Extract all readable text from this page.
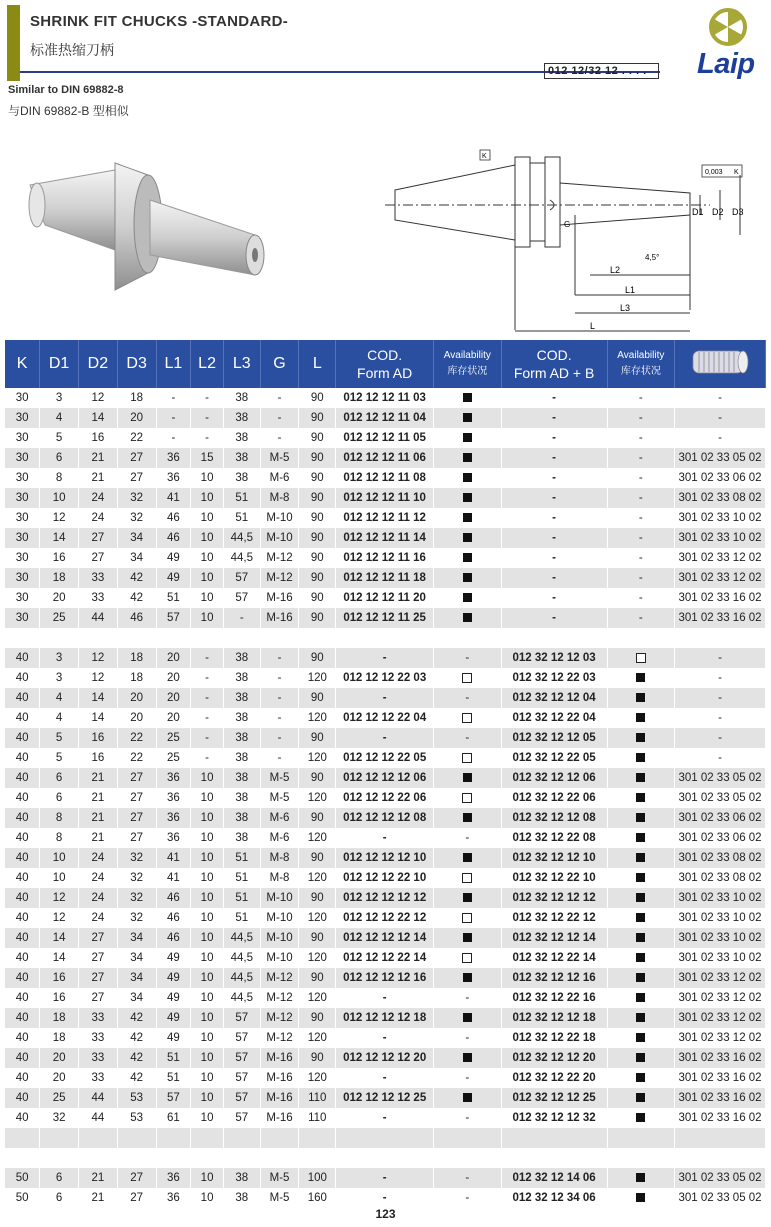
SHRINK FIT CHUCKS -STANDARD-
标准热缩刀柄
012 12/32 12 . . . .	Laip
Similar to DIN 69882-8
与DIN 69882-B 型相似
K
0,003 K
D1 D2 D3
G
4,5°
L2
L1
L3
L
K	D1	D2	D3	L1	L2	L3	G	L	COD.
Form AD	Availability
库存状况	COD.
Form AD + B	Availability
库存状况	
30	3	12	18	-	-	38	-	90	012 12 12 11 03		-	-	-
30	4	14	20	-	-	38	-	90	012 12 12 11 04		-	-	-
30	5	16	22	-	-	38	-	90	012 12 12 11 05		-	-	-
30	6	21	27	36	15	38	M-5	90	012 12 12 11 06		-	-	301 02 33 05 02
30	8	21	27	36	10	38	M-6	90	012 12 12 11 08		-	-	301 02 33 06 02
30	10	24	32	41	10	51	M-8	90	012 12 12 11 10		-	-	301 02 33 08 02
30	12	24	32	46	10	51	M-10	90	012 12 12 11 12		-	-	301 02 33 10 02
30	14	27	34	46	10	44,5	M-10	90	012 12 12 11 14		-	-	301 02 33 10 02
30	16	27	34	49	10	44,5	M-12	90	012 12 12 11 16		-	-	301 02 33 12 02
30	18	33	42	49	10	57	M-12	90	012 12 12 11 18		-	-	301 02 33 12 02
30	20	33	42	51	10	57	M-16	90	012 12 12 11 20		-	-	301 02 33 16 02
30	25	44	46	57	10	-	M-16	90	012 12 12 11 25		-	-	301 02 33 16 02

40	3	12	18	20	-	38	-	90	-	-	012 32 12 12 03		-
40	3	12	18	20	-	38	-	120	012 12 12 22 03		012 32 12 22 03		-
40	4	14	20	20	-	38	-	90	-	-	012 32 12 12 04		-
40	4	14	20	20	-	38	-	120	012 12 12 22 04		012 32 12 22 04		-
40	5	16	22	25	-	38	-	90	-	-	012 32 12 12 05		-
40	5	16	22	25	-	38	-	120	012 12 12 22 05		012 32 12 22 05		-
40	6	21	27	36	10	38	M-5	90	012 12 12 12 06		012 32 12 12 06		301 02 33 05 02
40	6	21	27	36	10	38	M-5	120	012 12 12 22 06		012 32 12 22 06		301 02 33 05 02
40	8	21	27	36	10	38	M-6	90	012 12 12 12 08		012 32 12 12 08		301 02 33 06 02
40	8	21	27	36	10	38	M-6	120	-	-	012 32 12 22 08		301 02 33 06 02
40	10	24	32	41	10	51	M-8	90	012 12 12 12 10		012 32 12 12 10		301 02 33 08 02
40	10	24	32	41	10	51	M-8	120	012 12 12 22 10		012 32 12 22 10		301 02 33 08 02
40	12	24	32	46	10	51	M-10	90	012 12 12 12 12		012 32 12 12 12		301 02 33 10 02
40	12	24	32	46	10	51	M-10	120	012 12 12 22 12		012 32 12 22 12		301 02 33 10 02
40	14	27	34	46	10	44,5	M-10	90	012 12 12 12 14		012 32 12 12 14		301 02 33 10 02
40	14	27	34	49	10	44,5	M-10	120	012 12 12 22 14		012 32 12 22 14		301 02 33 10 02
40	16	27	34	49	10	44,5	M-12	90	012 12 12 12 16		012 32 12 12 16		301 02 33 12 02
40	16	27	34	49	10	44,5	M-12	120	-	-	012 32 12 22 16		301 02 33 12 02
40	18	33	42	49	10	57	M-12	90	012 12 12 12 18		012 32 12 12 18		301 02 33 12 02
40	18	33	42	49	10	57	M-12	120	-	-	012 32 12 22 18		301 02 33 12 02
40	20	33	42	51	10	57	M-16	90	012 12 12 12 20		012 32 12 12 20		301 02 33 16 02
40	20	33	42	51	10	57	M-16	120	-	-	012 32 12 22 20		301 02 33 16 02
40	25	44	53	57	10	57	M-16	110	012 12 12 12 25		012 32 12 12 25		301 02 33 16 02
40	32	44	53	61	10	57	M-16	110	-	-	012 32 12 12 32		301 02 33 16 02

50	6	21	27	36	10	38	M-5	100	-	-	012 32 12 14 06		301 02 33 05 02
50	6	21	27	36	10	38	M-5	160	-	-	012 32 12 34 06		301 02 33 05 02
123
